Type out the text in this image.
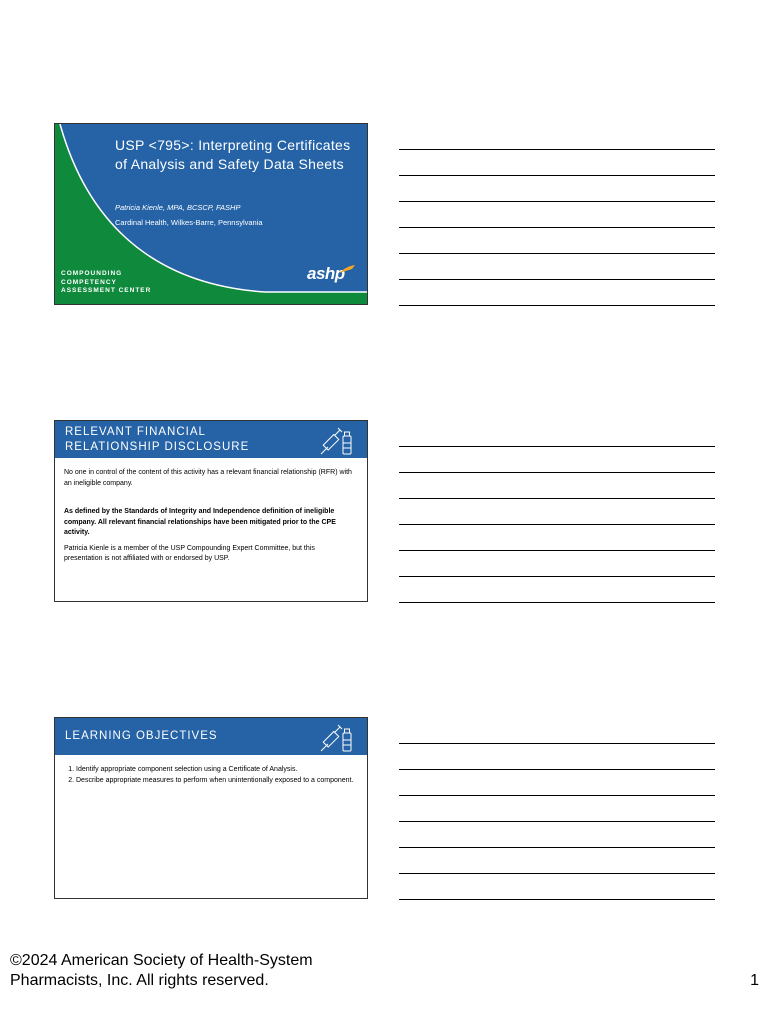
USP <795>: Interpreting Certificates of Analysis and Safety Data Sheets
Patricia Kienle, MPA, BCSCP, FASHP
Cardinal Health, Wilkes-Barre, Pennsylvania
COMPOUNDING
COMPETENCY
ASSESSMENT CENTER
ashp
RELEVANT FINANCIAL
RELATIONSHIP DISCLOSURE

No one in control of the content of this activity has a relevant financial relationship (RFR) with an ineligible company.

As defined by the Standards of Integrity and Independence definition of ineligible company. All relevant financial relationships have been mitigated prior to the CPE activity.

Patricia Kienle is a member of the USP Compounding Expert Committee, but this presentation is not affiliated with or endorsed by USP.

LEARNING OBJECTIVES
1. Identify appropriate component selection using a Certificate of Analysis.
2. Describe appropriate measures to perform when unintentionally exposed to a component.
©2024 American Society of Health-System
Pharmacists, Inc. All rights reserved.	1
